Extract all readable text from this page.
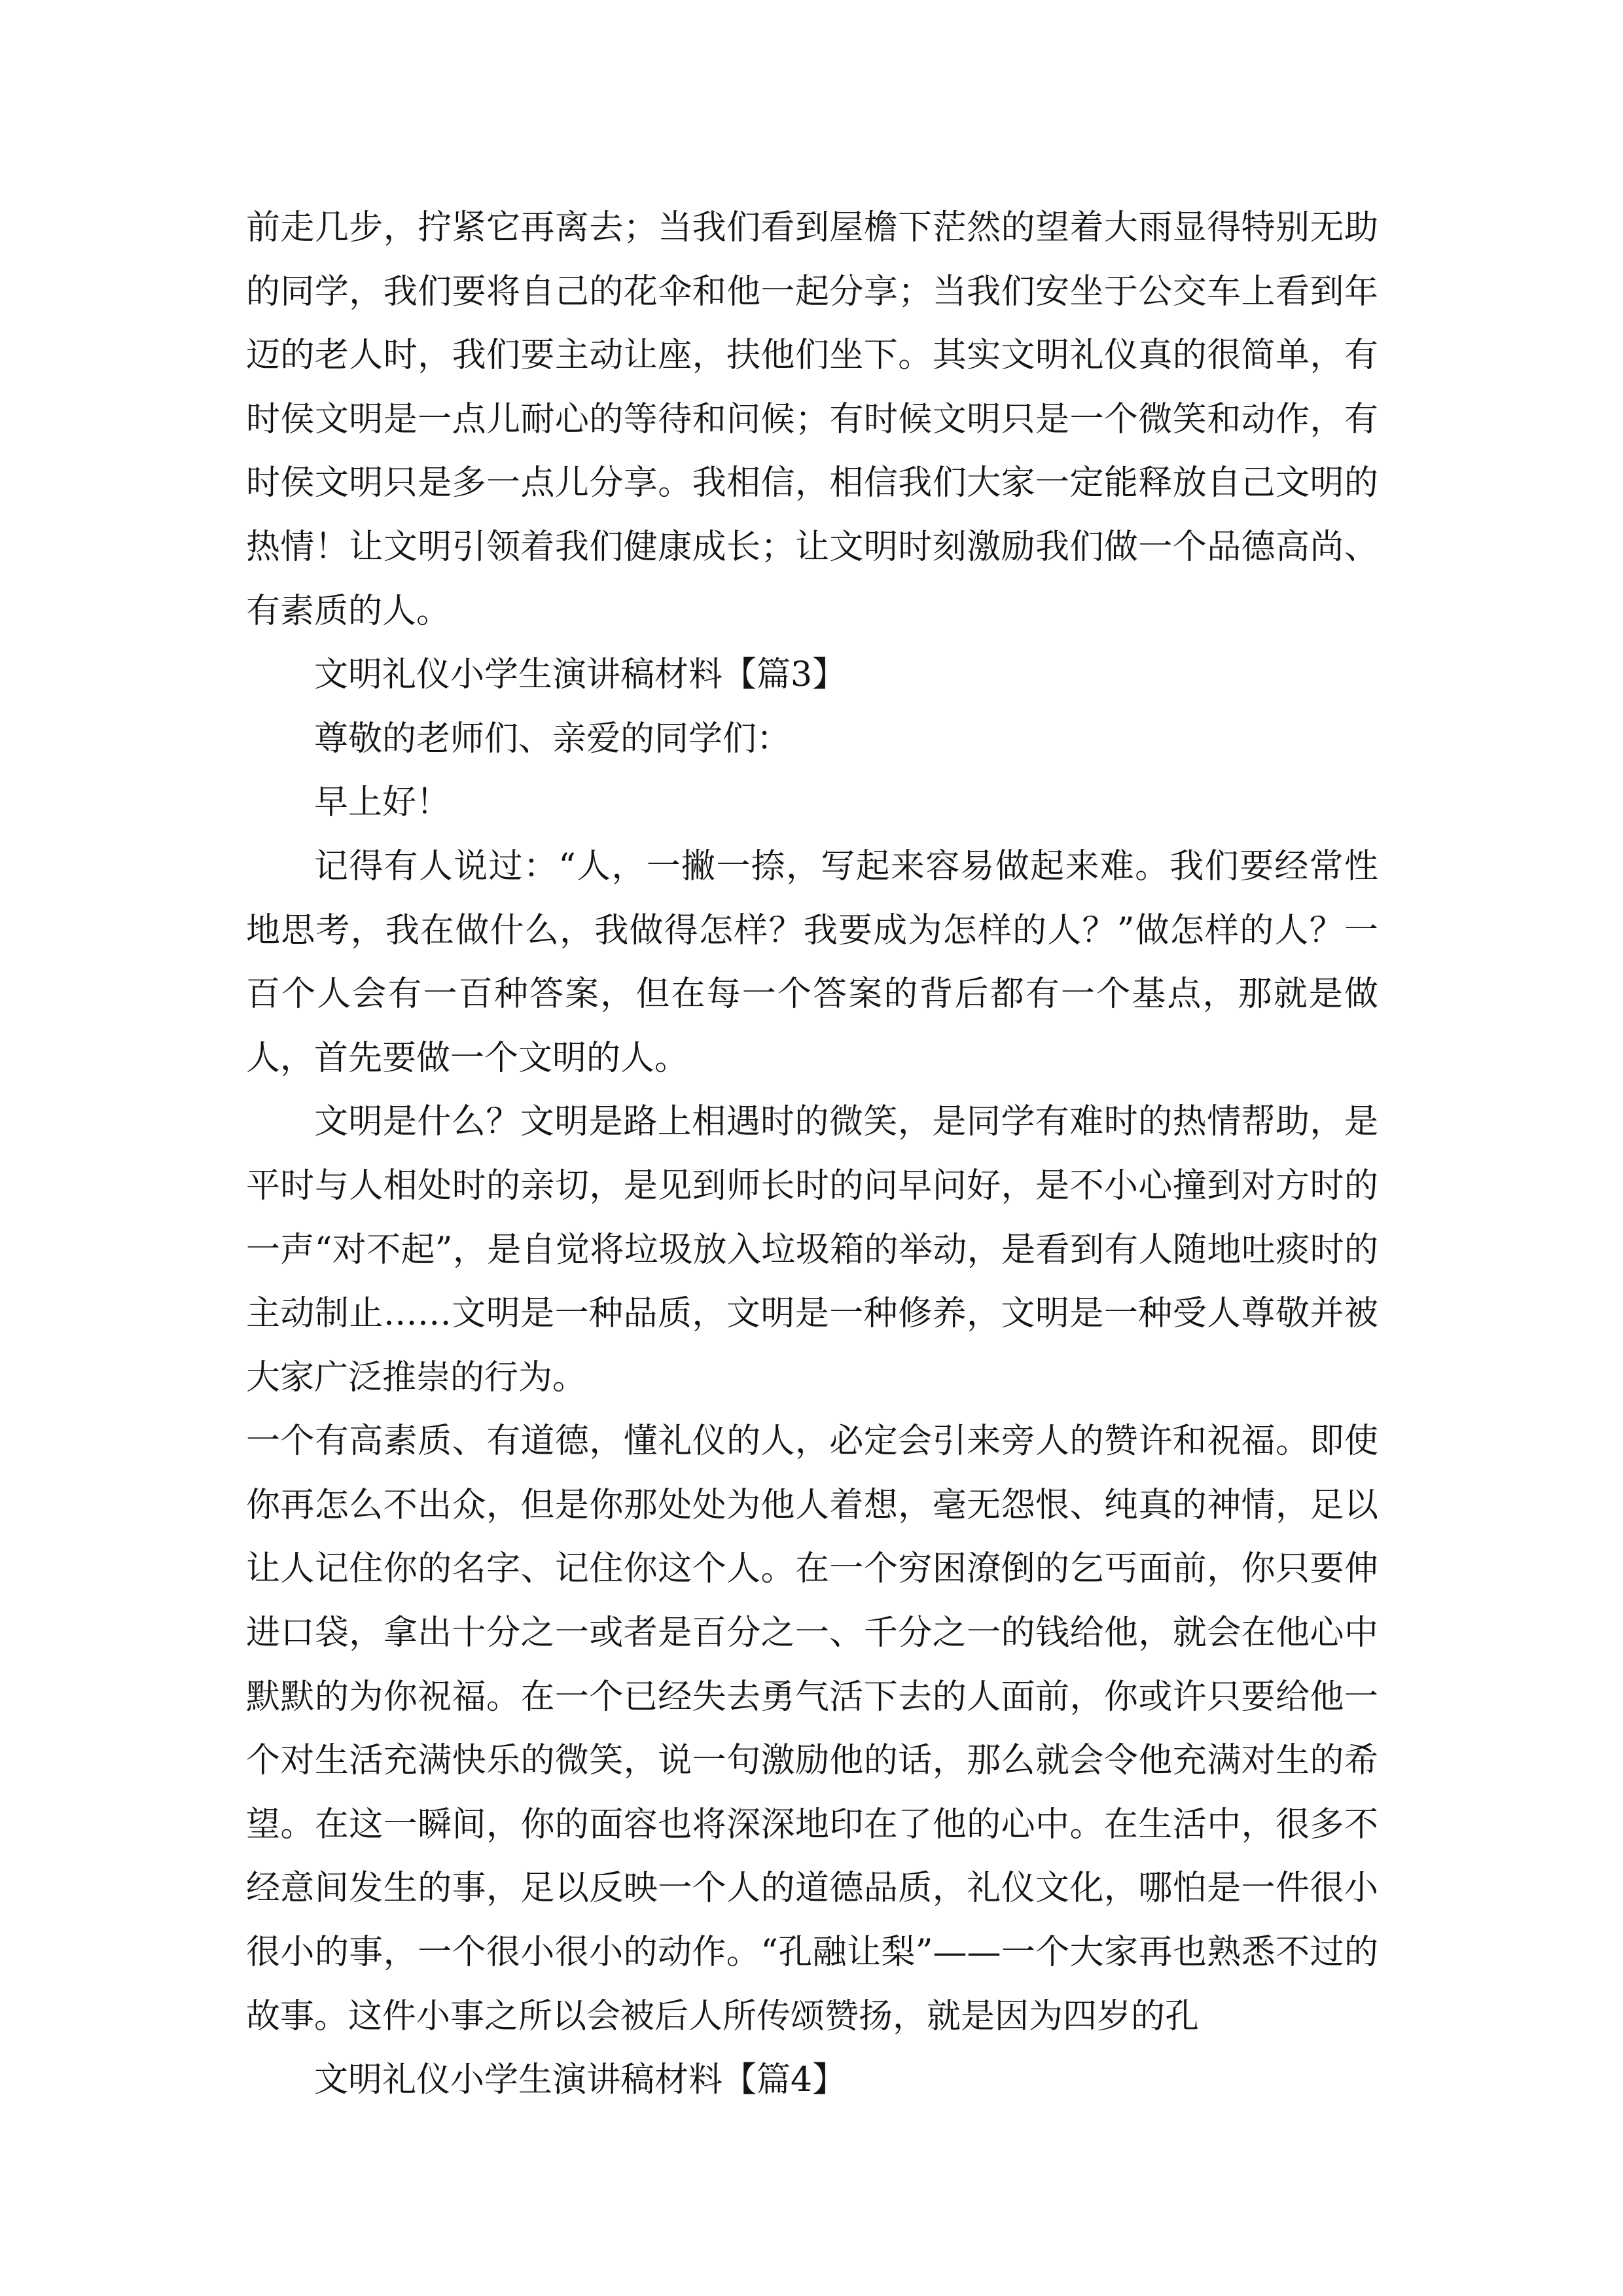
前走几步，拧紧它再离去；当我们看到屋檐下茫然的望着大雨显得特别无助的同学，我们要将自己的花伞和他一起分享；当我们安坐于公交车上看到年迈的老人时，我们要主动让座，扶他们坐下。其实文明礼仪真的很简单，有时侯文明是一点儿耐心的等待和问候；有时候文明只是一个微笑和动作，有时侯文明只是多一点儿分享。我相信，相信我们大家一定能释放自己文明的热情！让文明引领着我们健康成长；让文明时刻激励我们做一个品德高尚、有素质的人。

文明礼仪小学生演讲稿材料【篇3】

尊敬的老师们、亲爱的同学们：

早上好！

记得有人说过：“人，一撇一捺，写起来容易做起来难。我们要经常性地思考，我在做什么，我做得怎样？我要成为怎样的人？”做怎样的人？一百个人会有一百种答案，但在每一个答案的背后都有一个基点，那就是做人，首先要做一个文明的人。

文明是什么？文明是路上相遇时的微笑，是同学有难时的热情帮助，是平时与人相处时的亲切，是见到师长时的问早问好，是不小心撞到对方时的一声“对不起”，是自觉将垃圾放入垃圾箱的举动，是看到有人随地吐痰时的主动制止……文明是一种品质，文明是一种修养，文明是一种受人尊敬并被大家广泛推崇的行为。

一个有高素质、有道德，懂礼仪的人，必定会引来旁人的赞许和祝福。即使你再怎么不出众，但是你那处处为他人着想，毫无怨恨、纯真的神情，足以让人记住你的名字、记住你这个人。在一个穷困潦倒的乞丐面前，你只要伸进口袋，拿出十分之一或者是百分之一、千分之一的钱给他，就会在他心中默默的为你祝福。在一个已经失去勇气活下去的人面前，你或许只要给他一个对生活充满快乐的微笑，说一句激励他的话，那么就会令他充满对生的希望。在这一瞬间，你的面容也将深深地印在了他的心中。在生活中，很多不经意间发生的事，足以反映一个人的道德品质，礼仪文化，哪怕是一件很小很小的事，一个很小很小的动作。“孔融让梨”——一个大家再也熟悉不过的故事。这件小事之所以会被后人所传颂赞扬，就是因为四岁的孔

文明礼仪小学生演讲稿材料【篇4】
